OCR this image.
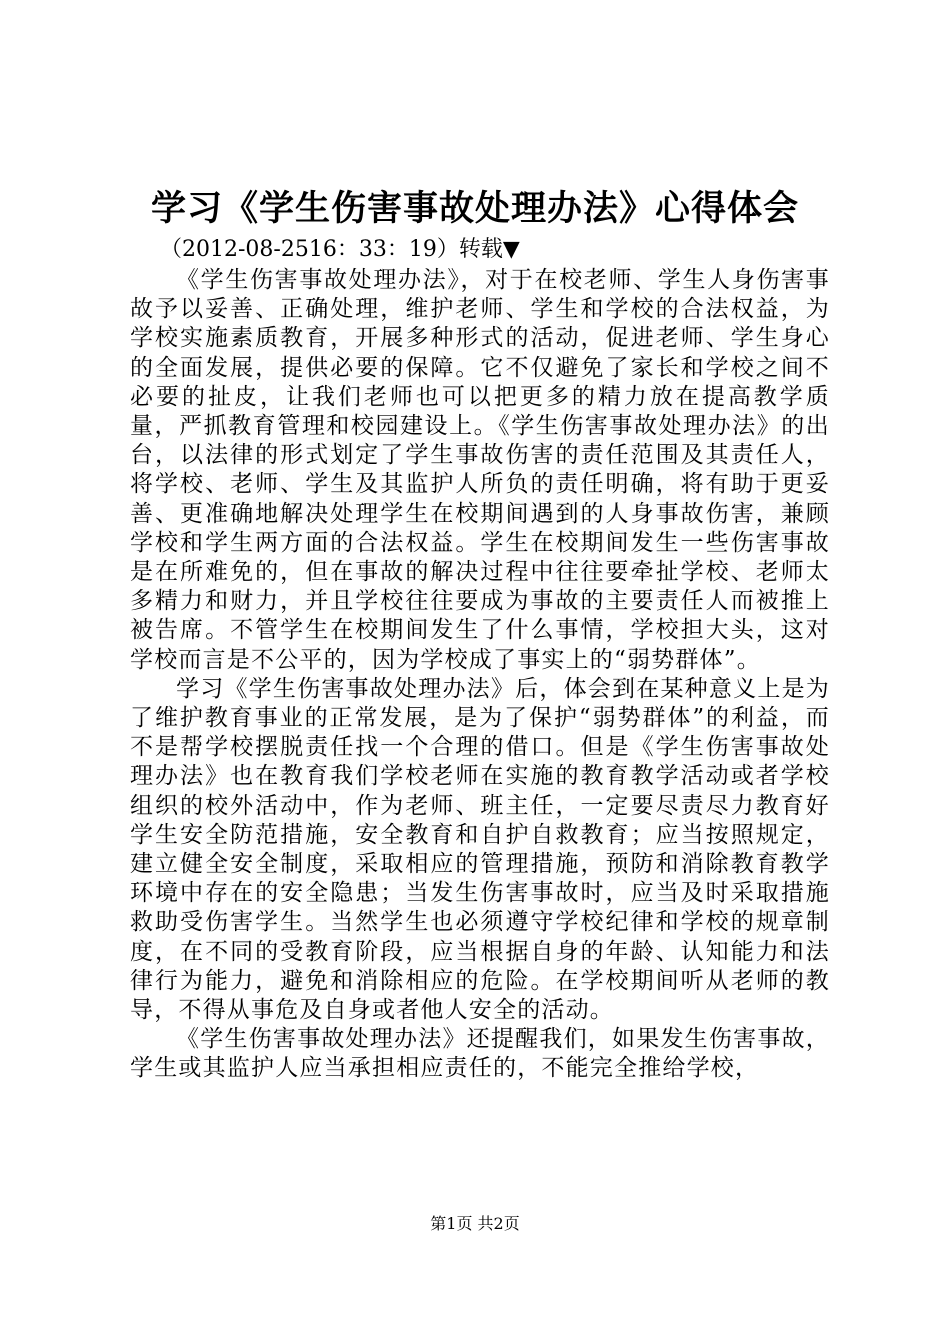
学习《学生伤害事故处理办法》心得体会

（2012-08-2516：33：19）转载▼

《学生伤害事故处理办法》，对于在校老师、学生人身伤害事故予以妥善、正确处理，维护老师、学生和学校的合法权益，为学校实施素质教育，开展多种形式的活动，促进老师、学生身心的全面发展，提供必要的保障。它不仅避免了家长和学校之间不必要的扯皮，让我们老师也可以把更多的精力放在提高教学质量，严抓教育管理和校园建设上。《学生伤害事故处理办法》的出台，以法律的形式划定了学生事故伤害的责任范围及其责任人，将学校、老师、学生及其监护人所负的责任明确，将有助于更妥善、更准确地解决处理学生在校期间遇到的人身事故伤害，兼顾学校和学生两方面的合法权益。学生在校期间发生一些伤害事故是在所难免的，但在事故的解决过程中往往要牵扯学校、老师太多精力和财力，并且学校往往要成为事故的主要责任人而被推上被告席。不管学生在校期间发生了什么事情，学校担大头，这对学校而言是不公平的，因为学校成了事实上的“弱势群体”。

学习《学生伤害事故处理办法》后，体会到在某种意义上是为了维护教育事业的正常发展，是为了保护“弱势群体”的利益，而不是帮学校摆脱责任找一个合理的借口。但是《学生伤害事故处理办法》也在教育我们学校老师在实施的教育教学活动或者学校组织的校外活动中，作为老师、班主任，一定要尽责尽力教育好学生安全防范措施，安全教育和自护自救教育；应当按照规定，建立健全安全制度，采取相应的管理措施，预防和消除教育教学环境中存在的安全隐患；当发生伤害事故时，应当及时采取措施救助受伤害学生。当然学生也必须遵守学校纪律和学校的规章制度，在不同的受教育阶段，应当根据自身的年龄、认知能力和法律行为能力，避免和消除相应的危险。在学校期间听从老师的教导，不得从事危及自身或者他人安全的活动。

《学生伤害事故处理办法》还提醒我们，如果发生伤害事故，学生或其监护人应当承担相应责任的，不能完全推给学校，

第1页 共2页
